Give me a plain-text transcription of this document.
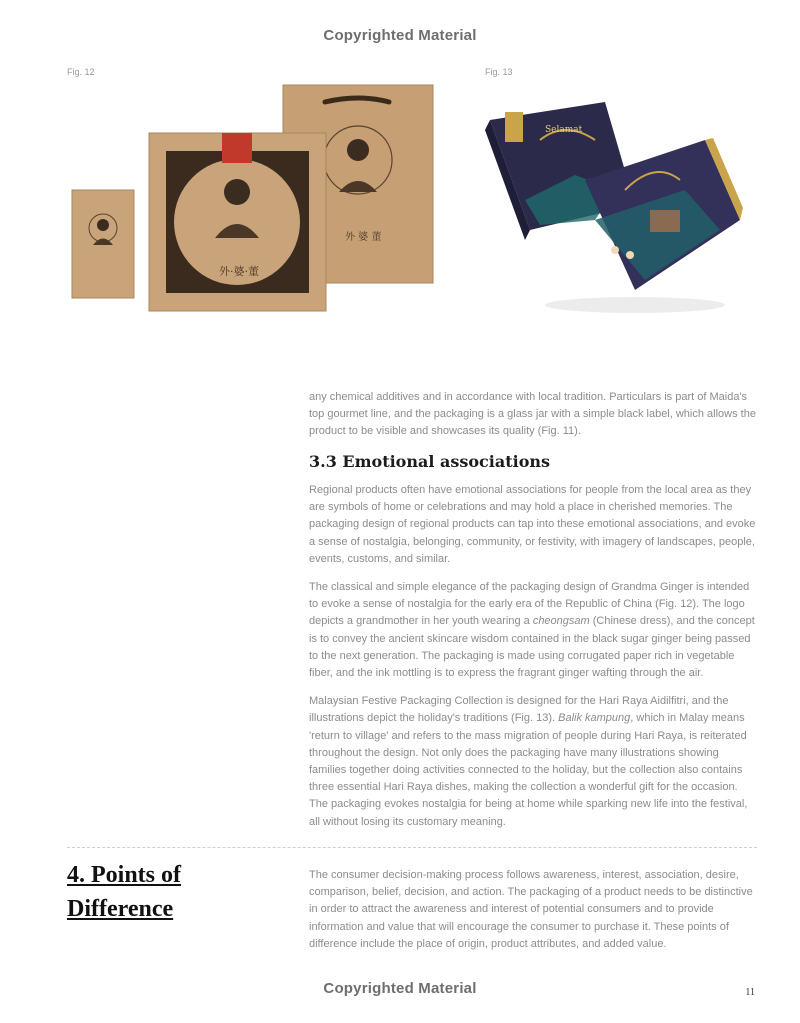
Copyrighted Material
Fig. 12
外 婆 董
外·婆·董
Fig. 13
Selamat

any chemical additives and in accordance with local tradition. Particulars is part of Maida's top gourmet line, and the packaging is a glass jar with a simple black label, which allows the product to be visible and showcases its quality (Fig. 11).

3.3 Emotional associations

Regional products often have emotional associations for people from the local area as they are symbols of home or celebrations and may hold a place in cherished memories. The packaging design of regional products can tap into these emotional associations, and evoke a sense of nostalgia, belonging, community, or festivity, with imagery of landscapes, people, events, customs, and similar.

The classical and simple elegance of the packaging design of Grandma Ginger is intended to evoke a sense of nostalgia for the early era of the Republic of China (Fig. 12). The logo depicts a grandmother in her youth wearing a cheongsam (Chinese dress), and the concept is to convey the ancient skincare wisdom contained in the black sugar ginger being passed to the next generation. The packaging is made using corrugated paper rich in vegetable fiber, and the ink mottling is to express the fragrant ginger wafting through the air.

Malaysian Festive Packaging Collection is designed for the Hari Raya Aidilfitri, and the illustrations depict the holiday's traditions (Fig. 13). Balik kampung, which in Malay means 'return to village' and refers to the mass migration of people during Hari Raya, is reiterated throughout the design. Not only does the packaging have many illustrations showing families together doing activities connected to the holiday, but the collection also contains three essential Hari Raya dishes, making the collection a wonderful gift for the occasion. The packaging evokes nostalgia for being at home while sparking new life into the festival, all without losing its customary meaning.

4. Points of Difference

The consumer decision-making process follows awareness, interest, association, desire, comparison, belief, decision, and action. The packaging of a product needs to be distinctive in order to attract the awareness and interest of potential consumers and to provide information and value that will encourage the consumer to purchase it. These points of difference include the place of origin, product attributes, and added value.

Copyrighted Material	11
